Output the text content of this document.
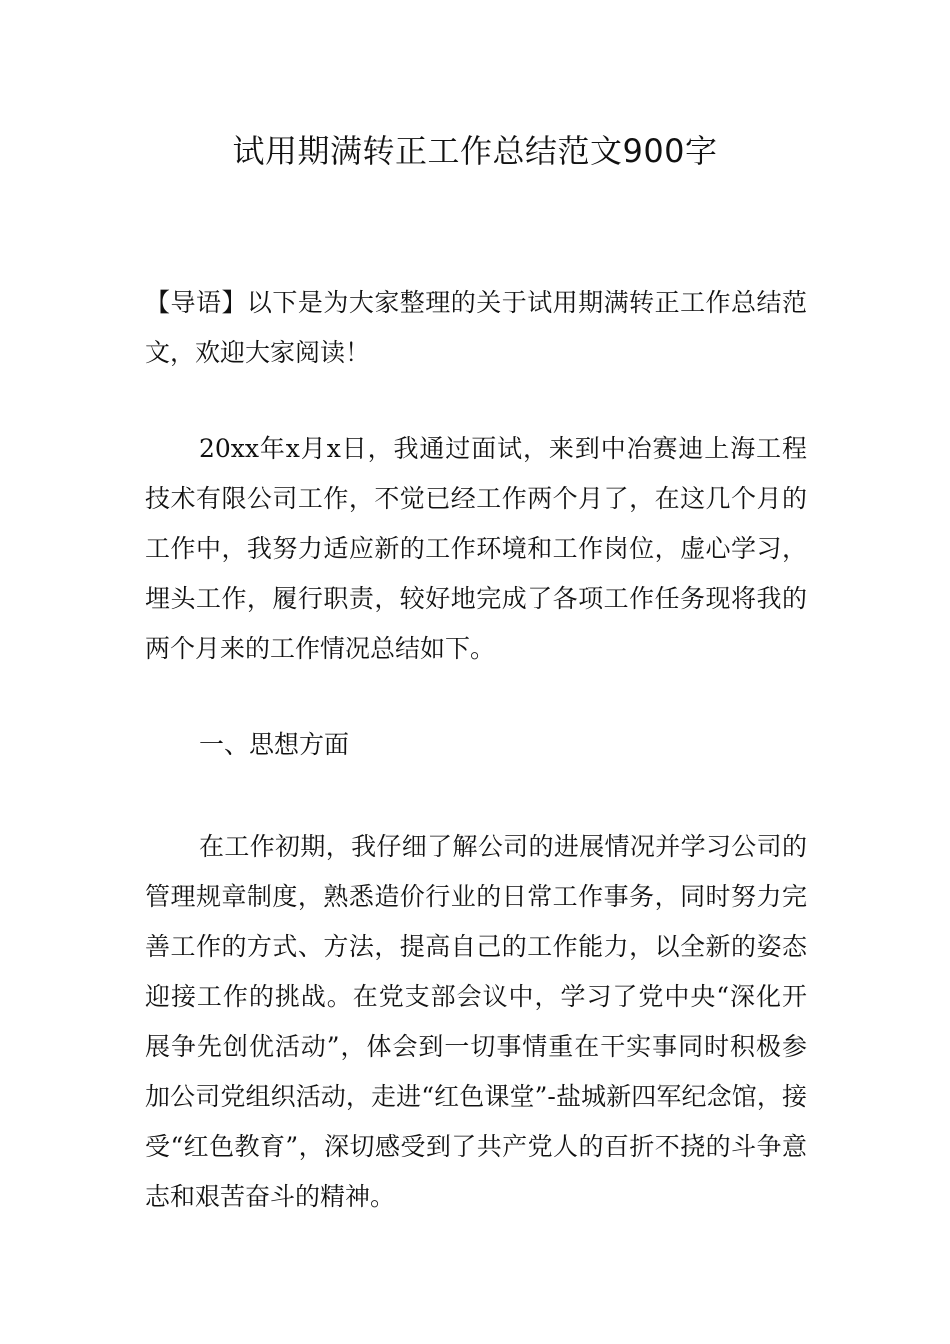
试用期满转正工作总结范文900字

【导语】以下是为大家整理的关于试用期满转正工作总结范文，欢迎大家阅读！

20xx年x月x日，我通过面试，来到中冶赛迪上海工程技术有限公司工作，不觉已经工作两个月了，在这几个月的工作中，我努力适应新的工作环境和工作岗位，虚心学习，埋头工作，履行职责，较好地完成了各项工作任务现将我的两个月来的工作情况总结如下。

一、思想方面

在工作初期，我仔细了解公司的进展情况并学习公司的管理规章制度，熟悉造价行业的日常工作事务，同时努力完善工作的方式、方法，提高自己的工作能力，以全新的姿态迎接工作的挑战。在党支部会议中，学习了党中央“深化开展争先创优活动”，体会到一切事情重在干实事同时积极参加公司党组织活动，走进“红色课堂”-盐城新四军纪念馆，接受“红色教育”，深切感受到了共产党人的百折不挠的斗争意志和艰苦奋斗的精神。
